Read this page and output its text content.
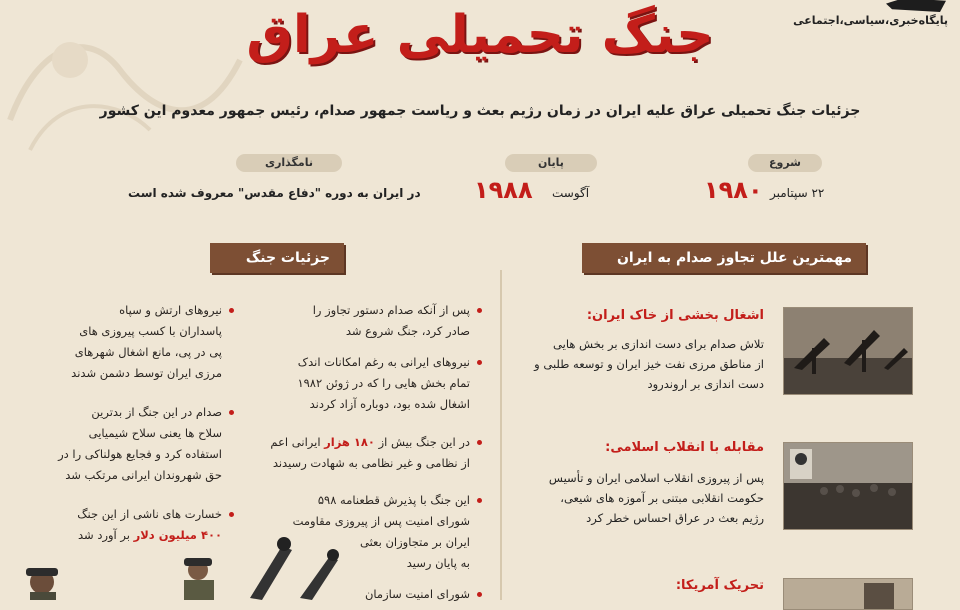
پایگاه‌خبری،سیاسی،اجتماعی
جنگ تحمیلی عراق
جزئیات جنگ تحمیلی عراق علیه ایران در زمان رژیم بعث و ریاست جمهور صدام، رئیس جمهور معدوم این کشور
شروع
۲۲ سپتامبر
۱۹۸۰
پایان
آگوست
۱۹۸۸
نامگذاری
در ایران به دوره "دفاع مقدس" معروف شده است
مهمترین علل تجاوز صدام به ایران
جزئیات جنگ
اشغال بخشی از خاک ایران:
تلاش صدام برای دست اندازی بر بخش هایی
از مناطق مرزی نفت خیز ایران و توسعه طلبی و
دست اندازی بر اروندرود
مقابله با انقلاب اسلامی:
پس از پیروزی انقلاب اسلامی ایران و تأسیس
حکومت انقلابی مبتنی بر آموزه های شیعی،
رژیم بعث در عراق احساس خطر کرد
تحریک آمریکا:
پس از آنکه صدام دستور تجاوز را
صادر کرد، جنگ شروع شد
نیروهای ایرانی به رغم امکانات اندک
تمام بخش هایی را که در ژوئن ۱۹۸۲
اشغال شده بود، دوباره آزاد کردند
در این جنگ بیش از ۱۸۰ هزار ایرانی اعم
از نظامی و غیر نظامی به شهادت رسیدند
این جنگ با پذیرش قطعنامه ۵۹۸
شورای امنیت پس از پیروزی مقاومت
ایران بر متجاوزان بعثی
به پایان رسید
شورای امنیت سازمان
نیروهای ارتش و سپاه
پاسداران با کسب پیروزی های
پی در پی، مانع اشغال شهرهای
مرزی ایران توسط دشمن شدند
صدام در این جنگ از بدترین
سلاح ها یعنی سلاح شیمیایی
استفاده کرد و فجایع هولناکی را در
حق شهروندان ایرانی مرتکب شد
خسارت های ناشی از این جنگ
۴۰۰ میلیون دلار بر آورد شد
